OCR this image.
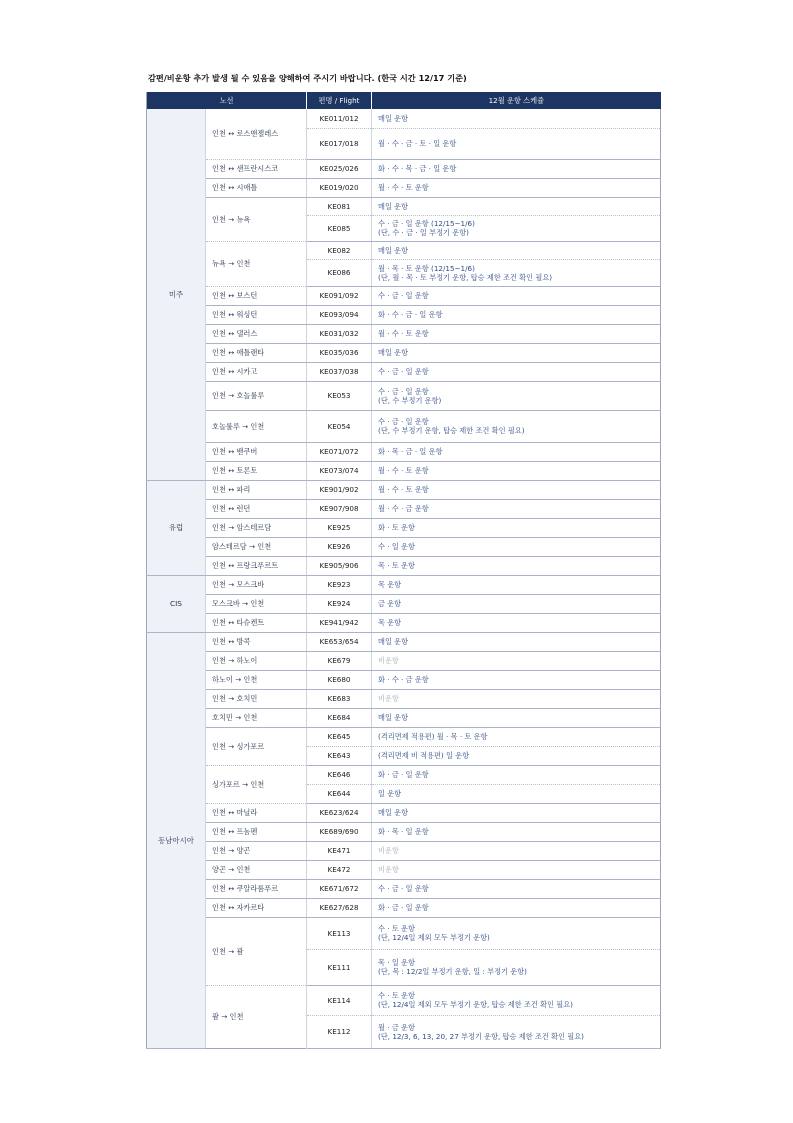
감편/비운항 추가 발생 될 수 있음을 양해하여 주시기 바랍니다. (한국 시간 12/17 기준)
노선		편명 / Flight	12월 운항 스케쥴
미주	인천 ↔ 로스앤젤레스	KE011/012	매일 운항
		KE017/018	월 · 수 · 금 · 토 · 일 운항
	인천 ↔ 샌프란시스코	KE025/026	화 · 수 · 목 · 금 · 일 운항
	인천 ↔ 시애틀	KE019/020	월 · 수 · 토 운항
	인천 → 뉴욕	KE081	매일 운항
		KE085	수 · 금 · 일 운항 (12/15~1/6)
(단, 수 · 금 · 일 부정기 운항)
	뉴욕 → 인천	KE082	매일 운항
		KE086	월 · 목 · 토 운항 (12/15~1/6)
(단, 월 · 목 · 토 부정기 운항, 탑승 제한 조건 확인 필요)
	인천 ↔ 보스턴	KE091/092	수 · 금 · 일 운항
	인천 ↔ 워싱턴	KE093/094	화 · 수 · 금 · 일 운항
	인천 ↔ 댈러스	KE031/032	월 · 수 · 토 운항
	인천 ↔ 애틀랜타	KE035/036	매일 운항
	인천 ↔ 시카고	KE037/038	수 · 금 · 일 운항
	인천 → 호놀룰루	KE053	수 · 금 · 일 운항
(단, 수 부정기 운항)
	호놀룰루 → 인천	KE054	수 · 금 · 일 운항
(단, 수 부정기 운항, 탑승 제한 조건 확인 필요)
	인천 ↔ 밴쿠버	KE071/072	화 · 목 · 금 · 일 운항
	인천 ↔ 토론토	KE073/074	월 · 수 · 토 운항
유럽	인천 ↔ 파리	KE901/902	월 · 수 · 토 운항
	인천 ↔ 런던	KE907/908	월 · 수 · 금 운항
	인천 → 암스테르담	KE925	화 · 토 운항
	암스테르담 → 인천	KE926	수 · 일 운항
	인천 ↔ 프랑크푸르트	KE905/906	목 · 토 운항
CIS	인천 → 모스크바	KE923	목 운항
	모스크바 → 인천	KE924	금 운항
	인천 ↔ 타슈켄트	KE941/942	목 운항
동남아시아	인천 ↔ 방콕	KE653/654	매일 운항
	인천 → 하노이	KE679	비운항
	하노이 → 인천	KE680	화 · 수 · 금 운항
	인천 → 호치민	KE683	비운항
	호치민 → 인천	KE684	매일 운항
	인천 → 싱가포르	KE645	(격리면제 적용편) 월 · 목 · 토 운항
		KE643	(격리면제 비 적용편) 일 운항
	싱가포르 → 인천	KE646	화 · 금 · 일 운항
		KE644	일 운항
	인천 ↔ 마닐라	KE623/624	매일 운항
	인천 ↔ 프놈펜	KE689/690	화 · 목 · 일 운항
	인천 → 양곤	KE471	비운항
	양곤 → 인천	KE472	비운항
	인천 ↔ 쿠알라룸푸르	KE671/672	수 · 금 · 일 운항
	인천 ↔ 자카르타	KE627/628	화 · 금 · 일 운항
	인천 → 괌	KE113	수 · 토 운항
(단, 12/4일 제외 모두 부정기 운항)
		KE111	목 · 일 운항
(단, 목 : 12/2일 부정기 운항, 일 : 부정기 운항)
	괌 → 인천	KE114	수 · 토 운항
(단, 12/4일 제외 모두 부정기 운항, 탑승 제한 조건 확인 필요)
		KE112	월 · 금 운항
(단, 12/3, 6, 13, 20, 27 부정기 운항, 탑승 제한 조건 확인 필요)
